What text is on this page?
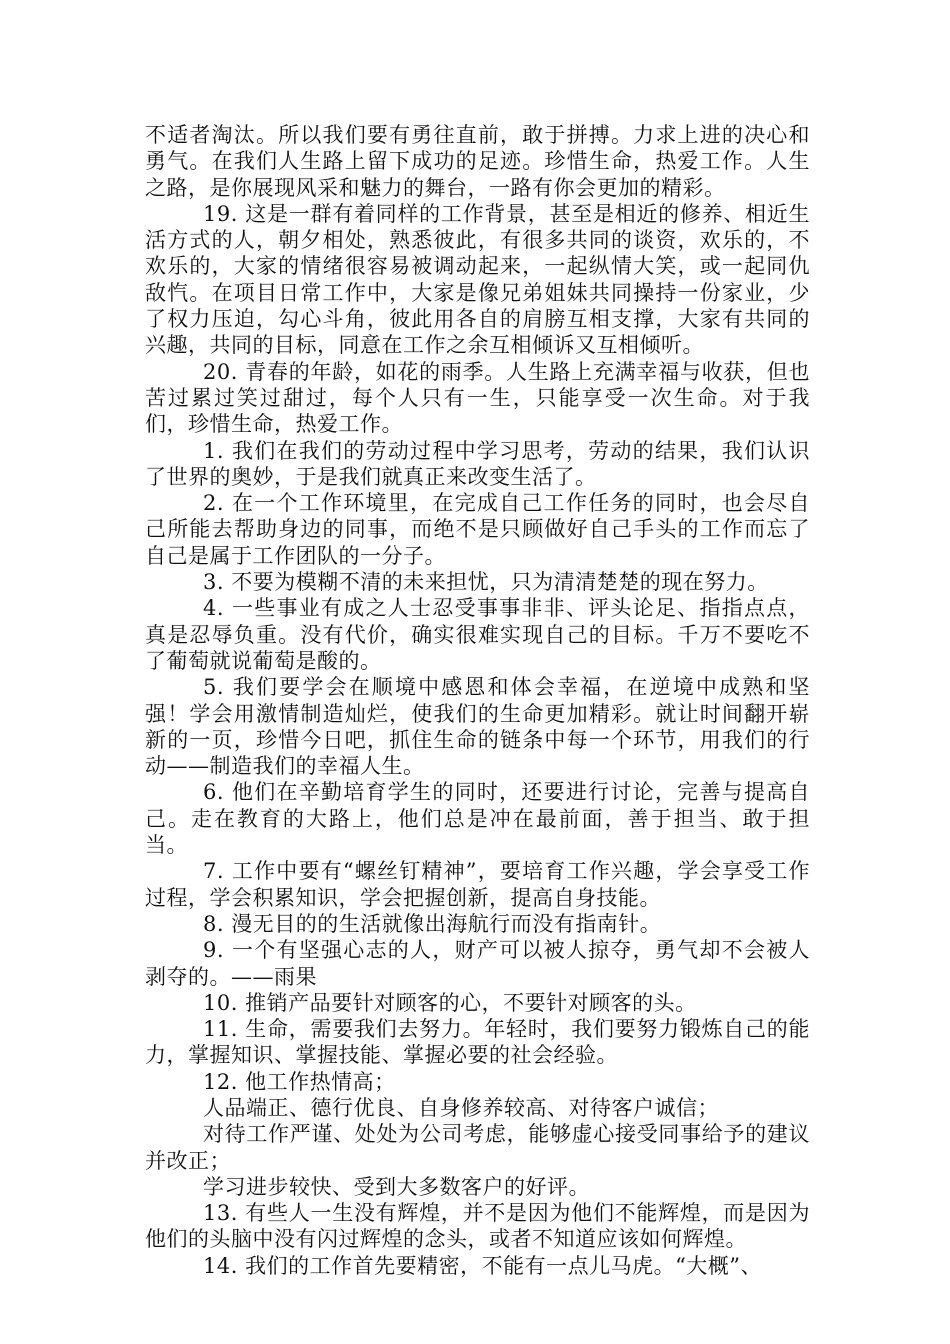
不适者淘汰。所以我们要有勇往直前，敢于拼搏。力求上进的决心和勇气。在我们人生路上留下成功的足迹。珍惜生命，热爱工作。人生之路，是你展现风采和魅力的舞台，一路有你会更加的精彩。

19. 这是一群有着同样的工作背景，甚至是相近的修养、相近生活方式的人，朝夕相处，熟悉彼此，有很多共同的谈资，欢乐的，不欢乐的，大家的情绪很容易被调动起来，一起纵情大笑，或一起同仇敌忾。在项目日常工作中，大家是像兄弟姐妹共同操持一份家业，少了权力压迫，勾心斗角，彼此用各自的肩膀互相支撑，大家有共同的兴趣，共同的目标，同意在工作之余互相倾诉又互相倾听。

20. 青春的年龄，如花的雨季。人生路上充满幸福与收获，但也苦过累过笑过甜过，每个人只有一生，只能享受一次生命。对于我们，珍惜生命，热爱工作。

1. 我们在我们的劳动过程中学习思考，劳动的结果，我们认识了世界的奥妙，于是我们就真正来改变生活了。

2. 在一个工作环境里，在完成自己工作任务的同时，也会尽自己所能去帮助身边的同事，而绝不是只顾做好自己手头的工作而忘了自己是属于工作团队的一分子。

3. 不要为模糊不清的未来担忧，只为清清楚楚的现在努力。

4. 一些事业有成之人士忍受事事非非、评头论足、指指点点，真是忍辱负重。没有代价，确实很难实现自己的目标。千万不要吃不了葡萄就说葡萄是酸的。

5. 我们要学会在顺境中感恩和体会幸福，在逆境中成熟和坚强！学会用激情制造灿烂，使我们的生命更加精彩。就让时间翻开崭新的一页，珍惜今日吧，抓住生命的链条中每一个环节，用我们的行动——制造我们的幸福人生。

6. 他们在辛勤培育学生的同时，还要进行讨论，完善与提高自己。走在教育的大路上，他们总是冲在最前面，善于担当、敢于担当。

7. 工作中要有“螺丝钉精神”，要培育工作兴趣，学会享受工作过程，学会积累知识，学会把握创新，提高自身技能。

8. 漫无目的的生活就像出海航行而没有指南针。

9. 一个有坚强心志的人，财产可以被人掠夺，勇气却不会被人剥夺的。——雨果

10. 推销产品要针对顾客的心，不要针对顾客的头。

11. 生命，需要我们去努力。年轻时，我们要努力锻炼自己的能力，掌握知识、掌握技能、掌握必要的社会经验。

12. 他工作热情高；

人品端正、德行优良、自身修养较高、对待客户诚信；

对待工作严谨、处处为公司考虑，能够虚心接受同事给予的建议并改正；

学习进步较快、受到大多数客户的好评。

13. 有些人一生没有辉煌，并不是因为他们不能辉煌，而是因为他们的头脑中没有闪过辉煌的念头，或者不知道应该如何辉煌。

14. 我们的工作首先要精密，不能有一点儿马虎。“大概”、
